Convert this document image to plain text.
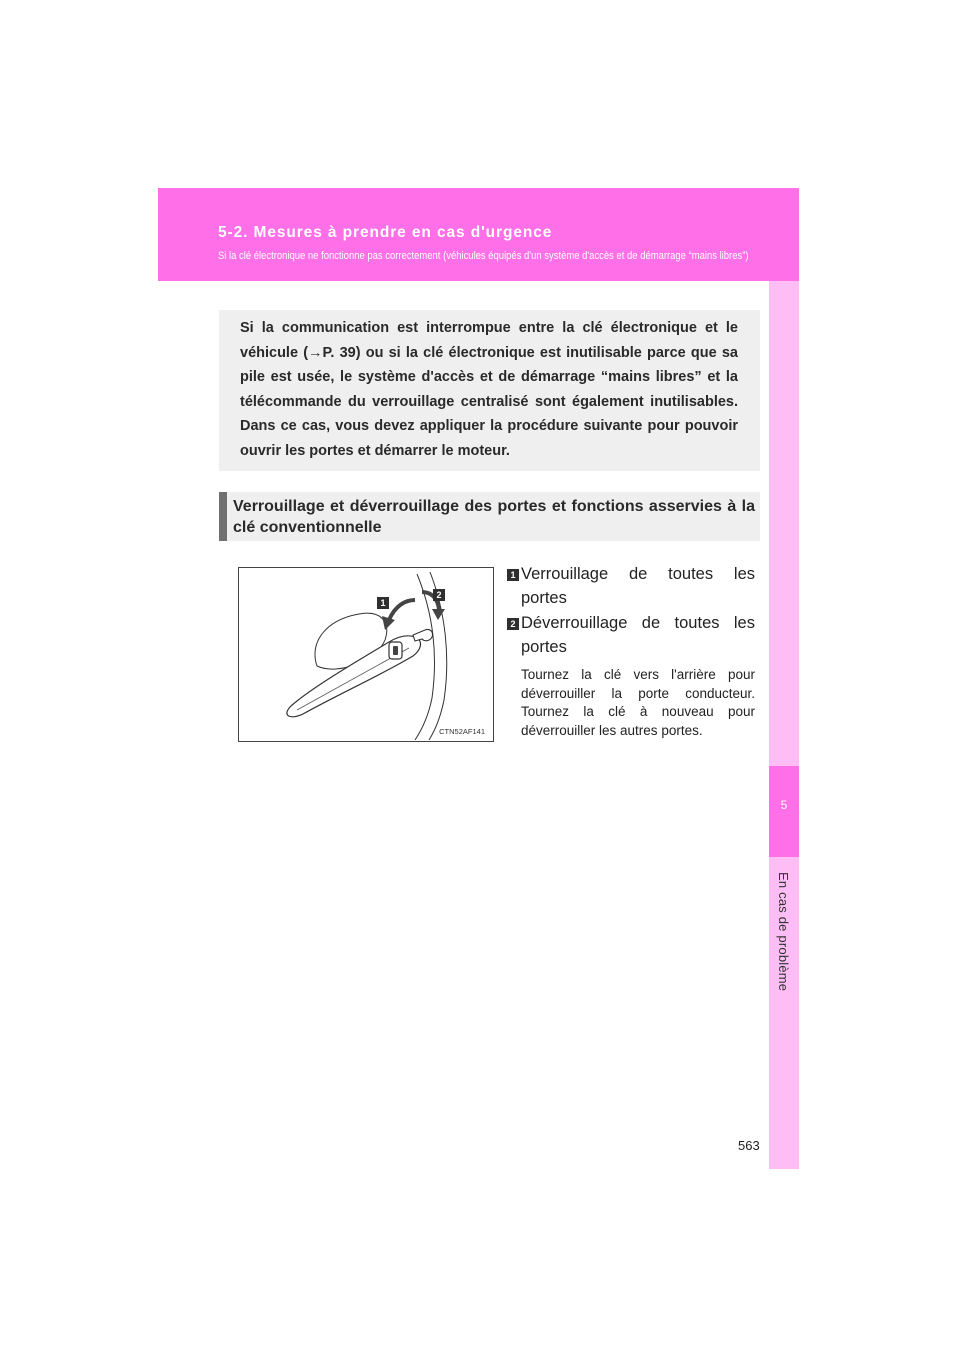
5-2. Mesures à prendre en cas d'urgence
Si la clé électronique ne fonctionne pas correctement (véhicules équipés d'un système d'accès et de démarrage “mains libres”)
5
En cas de problème

Si la communication est interrompue entre la clé électronique et le véhicule (→P. 39) ou si la clé électronique est inutilisable parce que sa pile est usée, le système d'accès et de démarrage “mains libres” et la télécommande du verrouillage centralisé sont également inutilisables. Dans ce cas, vous devez appliquer la procédure suivante pour pouvoir ouvrir les portes et démarrer le moteur.

Verrouillage et déverrouillage des portes et fonctions asservies à la clé conventionnelle

1
2
CTN52AF141
1 Verrouillage de toutes les portes

2 Déverrouillage de toutes les portes

Tournez la clé vers l'arrière pour déverrouiller la porte conducteur. Tournez la clé à nouveau pour déverrouiller les autres portes.

563
